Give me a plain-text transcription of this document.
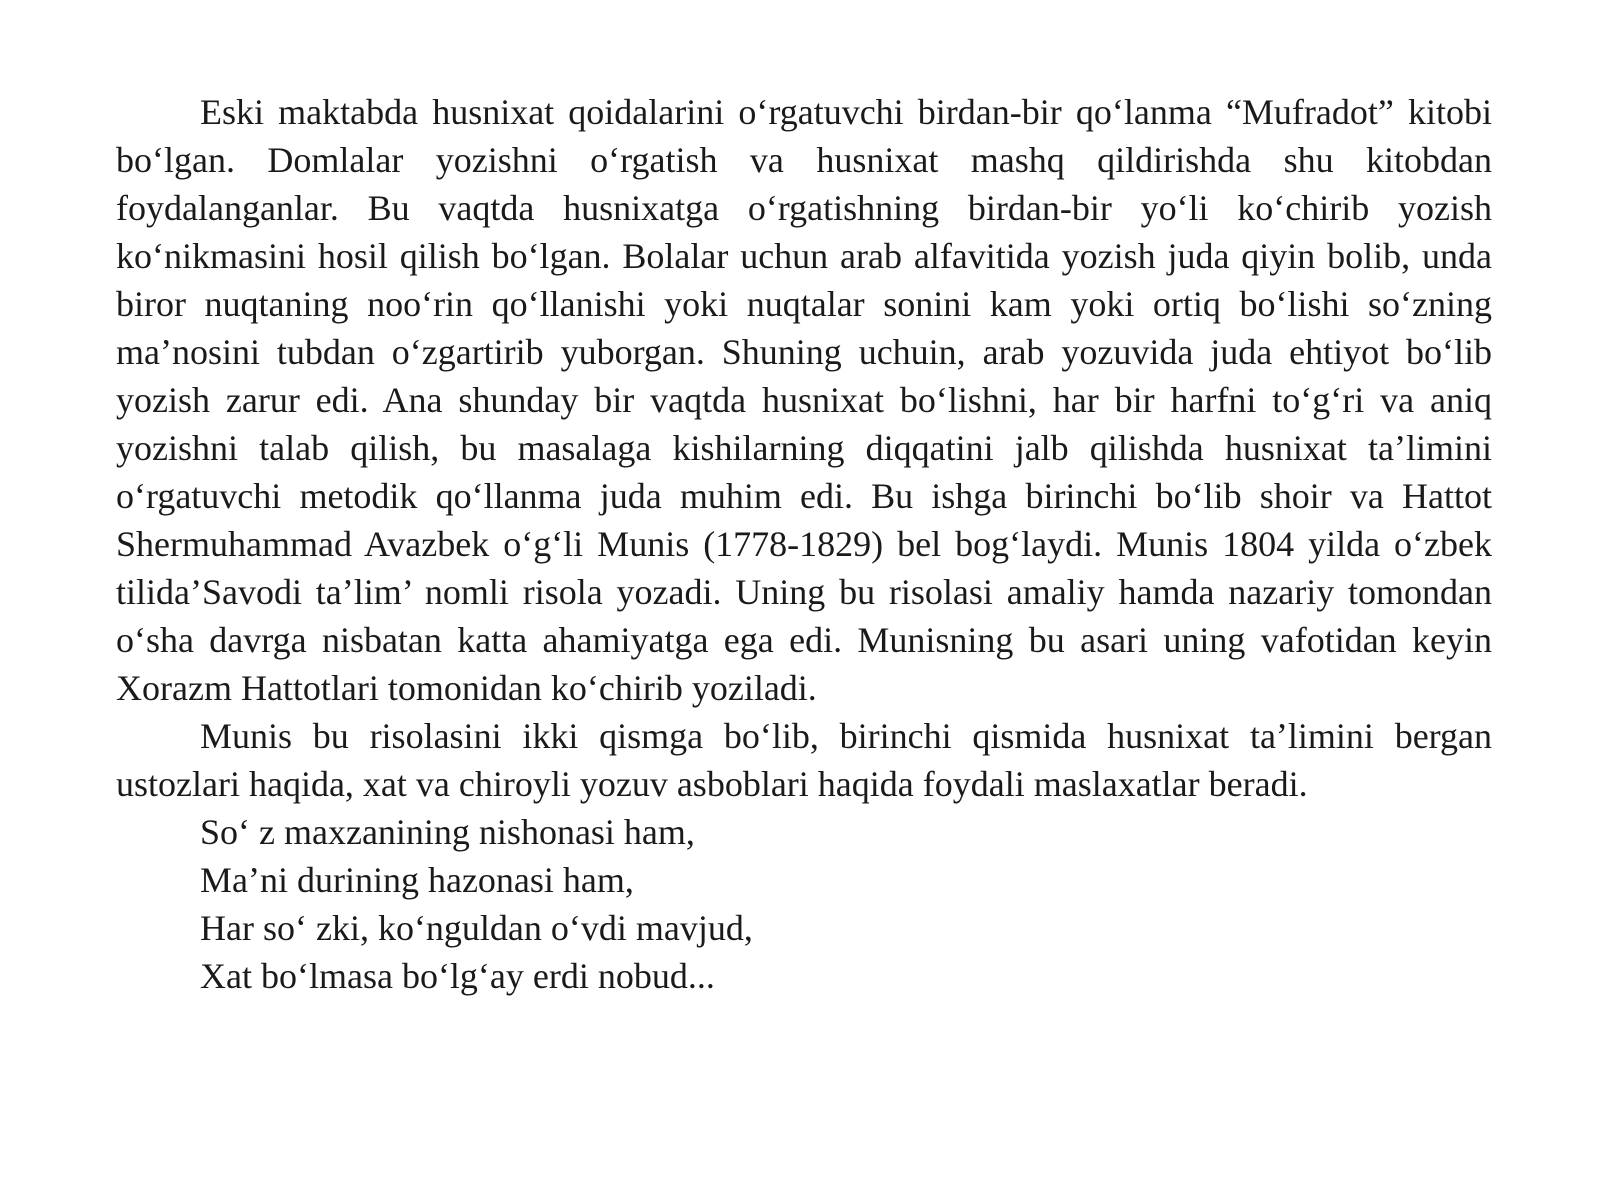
Eski maktabda husnixat qoidalarini oʻrgatuvchi birdan-bir qoʻlanma “Mufradot” kitobi boʻlgan. Domlalar yozishni oʻrgatish va husnixat mashq qildirishda shu kitobdan foydalanganlar. Bu vaqtda husnixatga oʻrgatishning birdan-bir yoʻli koʻchirib yozish koʻnikmasini hosil qilish boʻlgan. Bolalar uchun arab alfavitida yozish juda qiyin bolib, unda biror nuqtaning nooʻrin qoʻllanishi yoki nuqtalar sonini kam yoki ortiq boʻlishi soʻzning maʼnosini tubdan oʻzgartirib yuborgan. Shuning uchuin, arab yozuvida juda ehtiyot boʻlib yozish zarur edi. Ana shunday bir vaqtda husnixat boʻlishni, har bir harfni toʻgʻri va aniq yozishni talab qilish, bu masalaga kishilarning diqqatini jalb qilishda husnixat taʼlimini oʻrgatuvchi metodik qoʻllanma juda muhim edi. Bu ishga birinchi boʻlib shoir va Hattot Shermuhammad Avazbek oʻgʻli Munis (1778-1829) bel bogʻlaydi. Munis 1804 yilda oʻzbek tilida’Savodi taʼlim’ nomli risola yozadi. Uning bu risolasi amaliy hamda nazariy tomondan oʻsha davrga nisbatan katta ahamiyatga ega edi. Munisning bu asari uning vafotidan keyin Xorazm Hattotlari tomonidan koʻchirib yoziladi.

Munis bu risolasini ikki qismga boʻlib, birinchi qismida husnixat taʼlimini bergan ustozlari haqida, xat va chiroyli yozuv asboblari haqida foydali maslaxatlar beradi.

Soʻ z maxzanining nishonasi ham,
Maʼni durining hazonasi ham,
Har soʻ zki, koʻnguldan oʻvdi mavjud,
Xat boʻlmasa boʻlgʻay erdi nobud...
